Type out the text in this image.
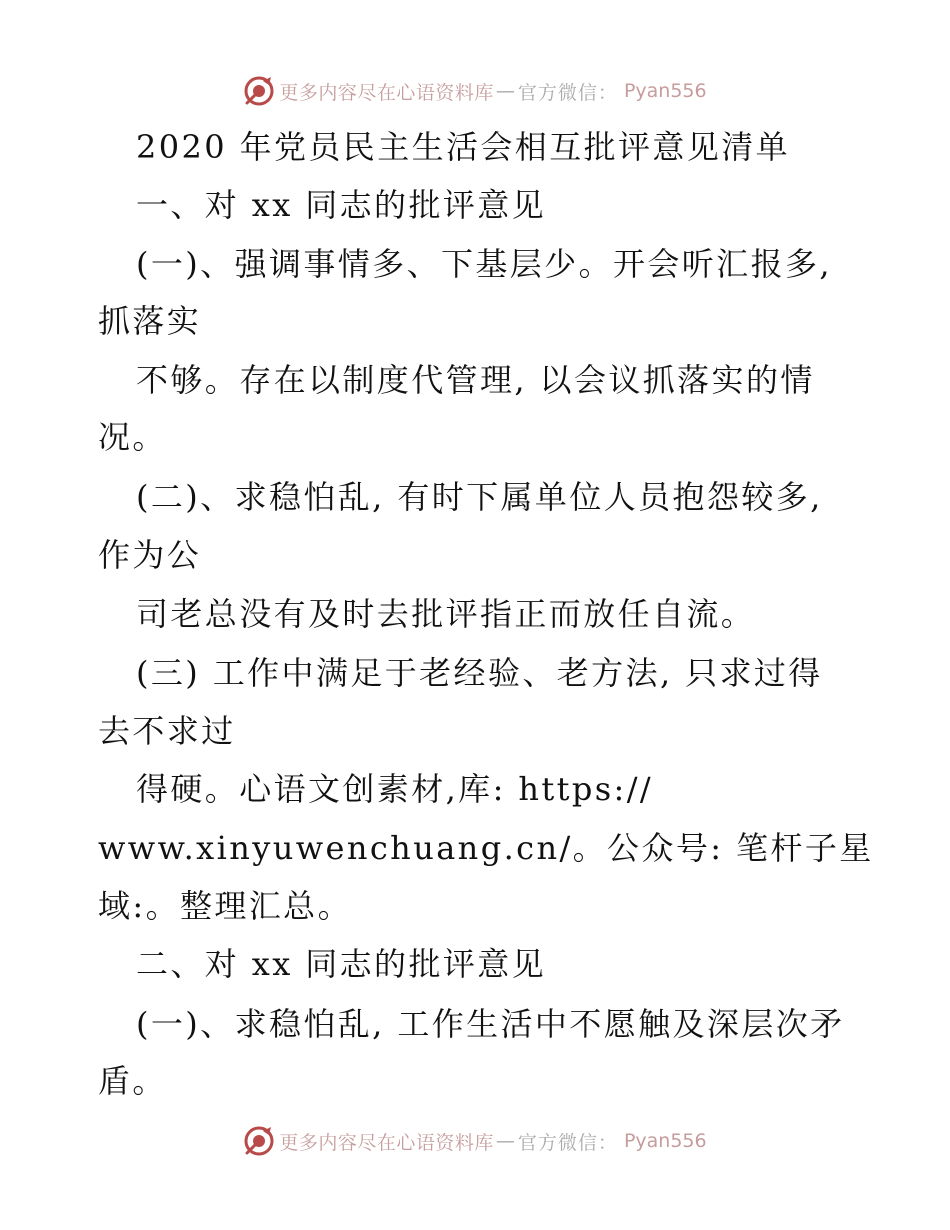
更多内容尽在心语资料库 — 官方微信： Pyan556
2020 年党员民主生活会相互批评意见清单
一、对 xx 同志的批评意见
(一)、强调事情多、下基层少。开会听汇报多,
抓落实
不够。存在以制度代管理, 以会议抓落实的情
况。
(二)、求稳怕乱, 有时下属单位人员抱怨较多,
作为公
司老总没有及时去批评指正而放任自流。
(三) 工作中满足于老经验、老方法, 只求过得
去不求过
得硬。心语文创素材,库: https://
www.xinyuwenchuang.cn/。公众号: 笔杆子星
域:。整理汇总。
二、对 xx 同志的批评意见
(一)、求稳怕乱, 工作生活中不愿触及深层次矛
盾。
更多内容尽在心语资料库 — 官方微信： Pyan556
